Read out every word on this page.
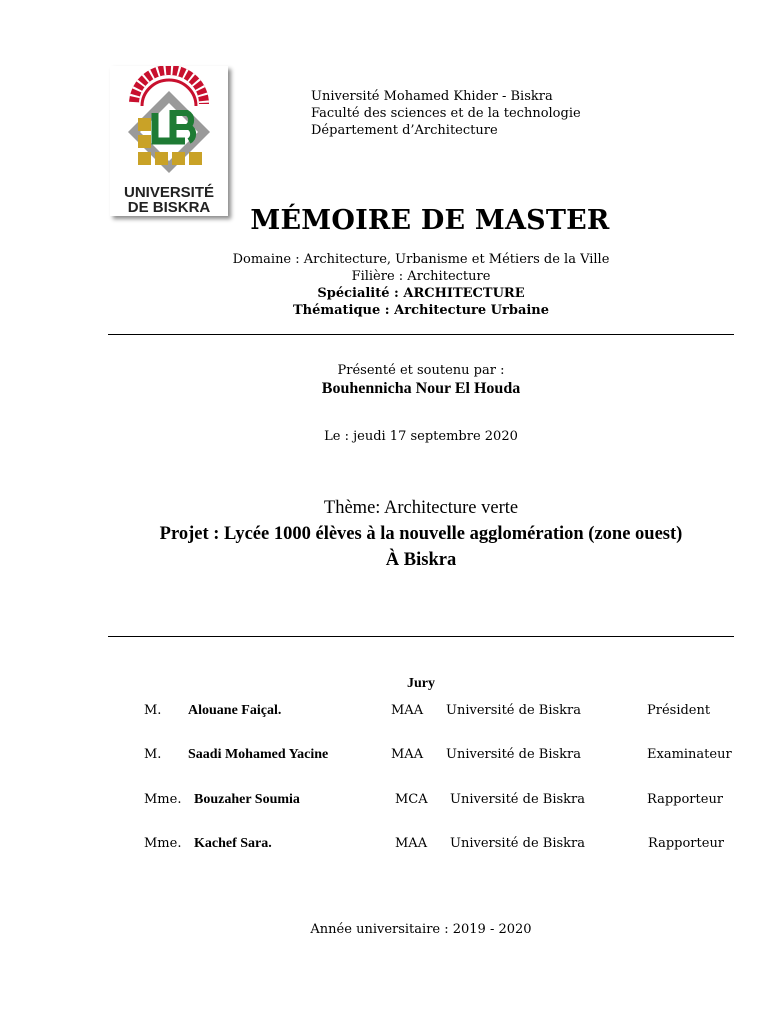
UNIVERSITÉ
DE BISKRA
Université Mohamed Khider - Biskra
Faculté des sciences et de la technologie
Département d’Architecture
MÉMOIRE DE MASTER
Domaine : Architecture, Urbanisme et Métiers de la Ville
Filière : Architecture
Spécialité : ARCHITECTURE
Thématique : Architecture Urbaine
Présenté et soutenu par :
Bouhennicha Nour El Houda
Le : jeudi 17 septembre 2020
Thème: Architecture verte
Projet : Lycée 1000 élèves à la nouvelle agglomération (zone ouest)
À Biskra
Jury
M. Alouane Faiçal.	MAA Université de Biskra	Président
M. Saadi Mohamed Yacine	MAA Université de Biskra	Examinateur
Mme. Bouzaher Soumia	MCA Université de Biskra	Rapporteur
Mme. Kachef Sara.	MAA Université de Biskra	Rapporteur
Année universitaire : 2019 - 2020
